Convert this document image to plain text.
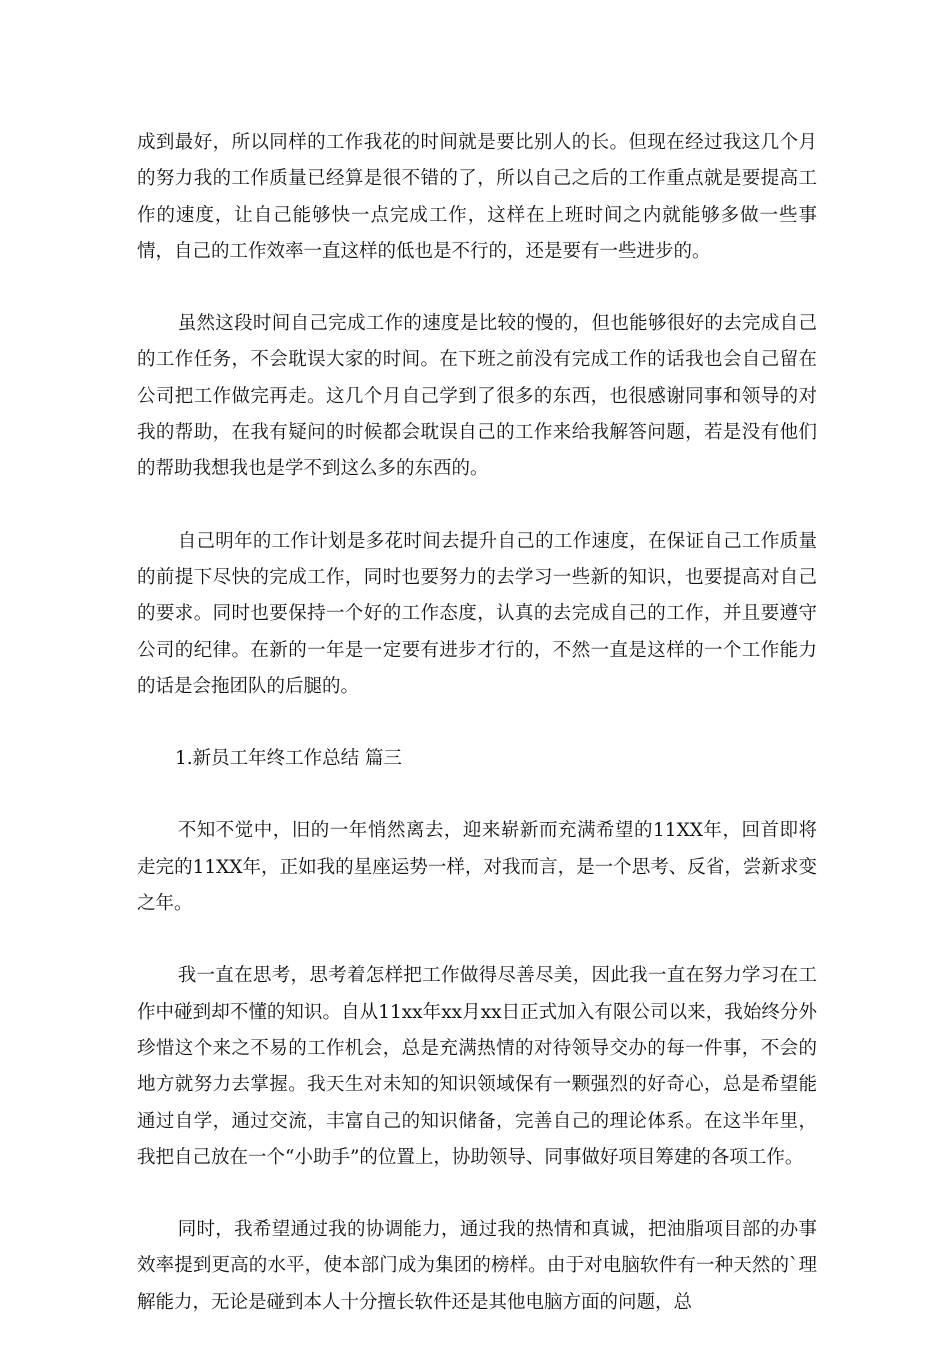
成到最好，所以同样的工作我花的时间就是要比别人的长。但现在经过我这几个月的努力我的工作质量已经算是很不错的了，所以自己之后的工作重点就是要提高工作的速度，让自己能够快一点完成工作，这样在上班时间之内就能够多做一些事情，自己的工作效率一直这样的低也是不行的，还是要有一些进步的。

虽然这段时间自己完成工作的速度是比较的慢的，但也能够很好的去完成自己的工作任务，不会耽误大家的时间。在下班之前没有完成工作的话我也会自己留在公司把工作做完再走。这几个月自己学到了很多的东西，也很感谢同事和领导的对我的帮助，在我有疑问的时候都会耽误自己的工作来给我解答问题，若是没有他们的帮助我想我也是学不到这么多的东西的。

自己明年的工作计划是多花时间去提升自己的工作速度，在保证自己工作质量的前提下尽快的完成工作，同时也要努力的去学习一些新的知识，也要提高对自己的要求。同时也要保持一个好的工作态度，认真的去完成自己的工作，并且要遵守公司的纪律。在新的一年是一定要有进步才行的，不然一直是这样的一个工作能力的话是会拖团队的后腿的。

1.新员工年终工作总结 篇三

不知不觉中，旧的一年悄然离去，迎来崭新而充满希望的11XX年，回首即将走完的11XX年，正如我的星座运势一样，对我而言，是一个思考、反省，尝新求变之年。

我一直在思考，思考着怎样把工作做得尽善尽美，因此我一直在努力学习在工作中碰到却不懂的知识。自从11xx年xx月xx日正式加入有限公司以来，我始终分外珍惜这个来之不易的工作机会，总是充满热情的对待领导交办的每一件事，不会的地方就努力去掌握。我天生对未知的知识领域保有一颗强烈的好奇心，总是希望能通过自学，通过交流，丰富自己的知识储备，完善自己的理论体系。在这半年里，我把自己放在一个“小助手”的位置上，协助领导、同事做好项目筹建的各项工作。

同时，我希望通过我的协调能力，通过我的热情和真诚，把油脂项目部的办事效率提到更高的水平，使本部门成为集团的榜样。由于对电脑软件有一种天然的`理解能力，无论是碰到本人十分擅长软件还是其他电脑方面的问题，总
